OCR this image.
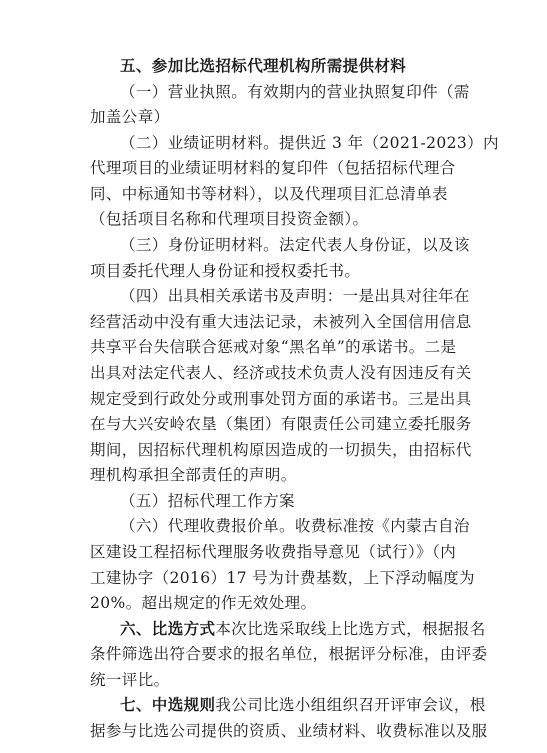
五、参加比选招标代理机构所需提供材料
（一）营业执照。有效期内的营业执照复印件（需
加盖公章）
（二）业绩证明材料。提供近 3 年（2021-2023）内
代理项目的业绩证明材料的复印件（包括招标代理合
同、中标通知书等材料），以及代理项目汇总清单表
（包括项目名称和代理项目投资金额）。
（三）身份证明材料。法定代表人身份证，以及该
项目委托代理人身份证和授权委托书。
（四）出具相关承诺书及声明：一是出具对往年在
经营活动中没有重大违法记录，未被列入全国信用信息
共享平台失信联合惩戒对象“黑名单”的承诺书。二是
出具对法定代表人、经济或技术负责人没有因违反有关
规定受到行政处分或刑事处罚方面的承诺书。三是出具
在与大兴安岭农垦（集团）有限责任公司建立委托服务
期间，因招标代理机构原因造成的一切损失，由招标代
理机构承担全部责任的声明。
（五）招标代理工作方案
（六）代理收费报价单。收费标准按《内蒙古自治
区建设工程招标代理服务收费指导意见（试行）》（内
工建协字（2016）17 号为计费基数，上下浮动幅度为
20%。超出规定的作无效处理。
六、比选方式本次比选采取线上比选方式，根据报名
条件筛选出符合要求的报名单位，根据评分标准，由评委
统一评比。
七、中选规则我公司比选小组组织召开评审会议，根
据参与比选公司提供的资质、业绩材料、收费标准以及服
